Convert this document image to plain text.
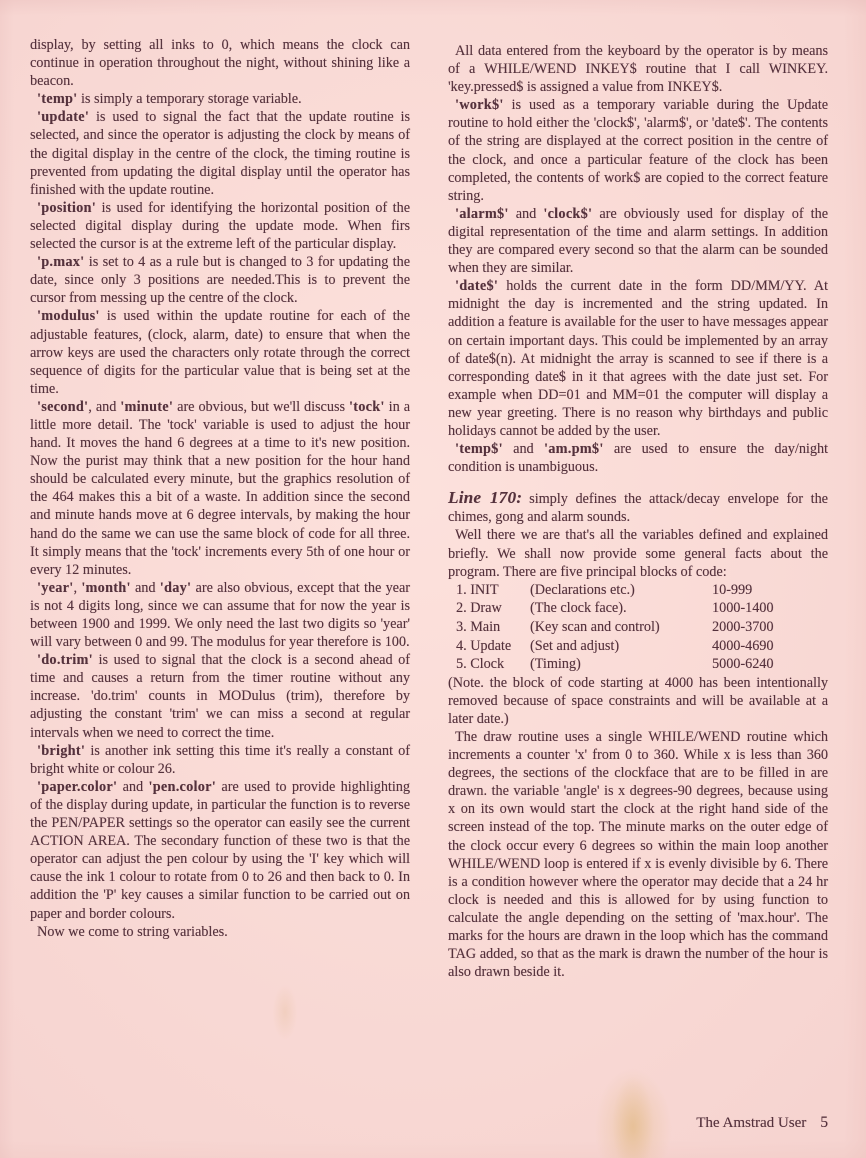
display, by setting all inks to 0, which means the clock can continue in operation throughout the night, without shining like a beacon.

'temp' is simply a temporary storage variable.

'update' is used to signal the fact that the update routine is selected, and since the operator is adjusting the clock by means of the digital display in the centre of the clock, the timing routine is prevented from updating the digital display until the operator has finished with the update routine.

'position' is used for identifying the horizontal position of the selected digital display during the update mode. When firs selected the cursor is at the extreme left of the particular display.

'p.max' is set to 4 as a rule but is changed to 3 for updating the date, since only 3 positions are needed.This is to prevent the cursor from messing up the centre of the clock.

'modulus' is used within the update routine for each of the adjustable features, (clock, alarm, date) to ensure that when the arrow keys are used the characters only rotate through the correct sequence of digits for the particular value that is being set at the time.

'second', and 'minute' are obvious, but we'll discuss 'tock' in a little more detail. The 'tock' variable is used to adjust the hour hand. It moves the hand 6 degrees at a time to it's new position. Now the purist may think that a new position for the hour hand should be calculated every minute, but the graphics resolution of the 464 makes this a bit of a waste. In addition since the second and minute hands move at 6 degree intervals, by making the hour hand do the same we can use the same block of code for all three. It simply means that the 'tock' increments every 5th of one hour or every 12 minutes.

'year', 'month' and 'day' are also obvious, except that the year is not 4 digits long, since we can assume that for now the year is between 1900 and 1999. We only need the last two digits so 'year' will vary between 0 and 99. The modulus for year therefore is 100.

'do.trim' is used to signal that the clock is a second ahead of time and causes a return from the timer routine without any increase. 'do.trim' counts in MODulus (trim), therefore by adjusting the constant 'trim' we can miss a second at regular intervals when we need to correct the time.

'bright' is another ink setting this time it's really a constant of bright white or colour 26.

'paper.color' and 'pen.color' are used to provide highlighting of the display during update, in particular the function is to reverse the PEN/PAPER settings so the operator can easily see the current ACTION AREA. The secondary function of these two is that the operator can adjust the pen colour by using the 'I' key which will cause the ink 1 colour to rotate from 0 to 26 and then back to 0. In addition the 'P' key causes a similar function to be carried out on paper and border colours.

Now we come to string variables.

All data entered from the keyboard by the operator is by means of a WHILE/WEND INKEY$ routine that I call WINKEY. 'key.pressed$ is assigned a value from INKEY$.

'work$' is used as a temporary variable during the Update routine to hold either the 'clock$', 'alarm$', or 'date$'. The contents of the string are displayed at the correct position in the centre of the clock, and once a particular feature of the clock has been completed, the contents of work$ are copied to the correct feature string.

'alarm$' and 'clock$' are obviously used for display of the digital representation of the time and alarm settings. In addition they are compared every second so that the alarm can be sounded when they are similar.

'date$' holds the current date in the form DD/MM/YY. At midnight the day is incremented and the string updated. In addition a feature is available for the user to have messages appear on certain important days. This could be implemented by an array of date$(n). At midnight the array is scanned to see if there is a corresponding date$ in it that agrees with the date just set. For example when DD=01 and MM=01 the computer will display a new year greeting. There is no reason why birthdays and public holidays cannot be added by the user.

'temp$' and 'am.pm$' are used to ensure the day/night condition is unambiguous.

Line 170: simply defines the attack/decay envelope for the chimes, gong and alarm sounds.

Well there we are that's all the variables defined and explained briefly. We shall now provide some general facts about the program. There are five principal blocks of code:

1. INIT	(Declarations etc.)	10-999
2. Draw	(The clock face).	1000-1400
3. Main	(Key scan and control)	2000-3700
4. Update	(Set and adjust)	4000-4690
5. Clock	(Timing)	5000-6240

(Note. the block of code starting at 4000 has been intentionally removed because of space constraints and will be available at a later date.)

The draw routine uses a single WHILE/WEND routine which increments a counter 'x' from 0 to 360. While x is less than 360 degrees, the sections of the clockface that are to be filled in are drawn. the variable 'angle' is x degrees-90 degrees, because using x on its own would start the clock at the right hand side of the screen instead of the top. The minute marks on the outer edge of the clock occur every 6 degrees so within the main loop another WHILE/WEND loop is entered if x is evenly divisible by 6. There is a condition however where the operator may decide that a 24 hr clock is needed and this is allowed for by using function to calculate the angle depending on the setting of 'max.hour'. The marks for the hours are drawn in the loop which has the command TAG added, so that as the mark is drawn the number of the hour is also drawn beside it.

The Amstrad User 5
